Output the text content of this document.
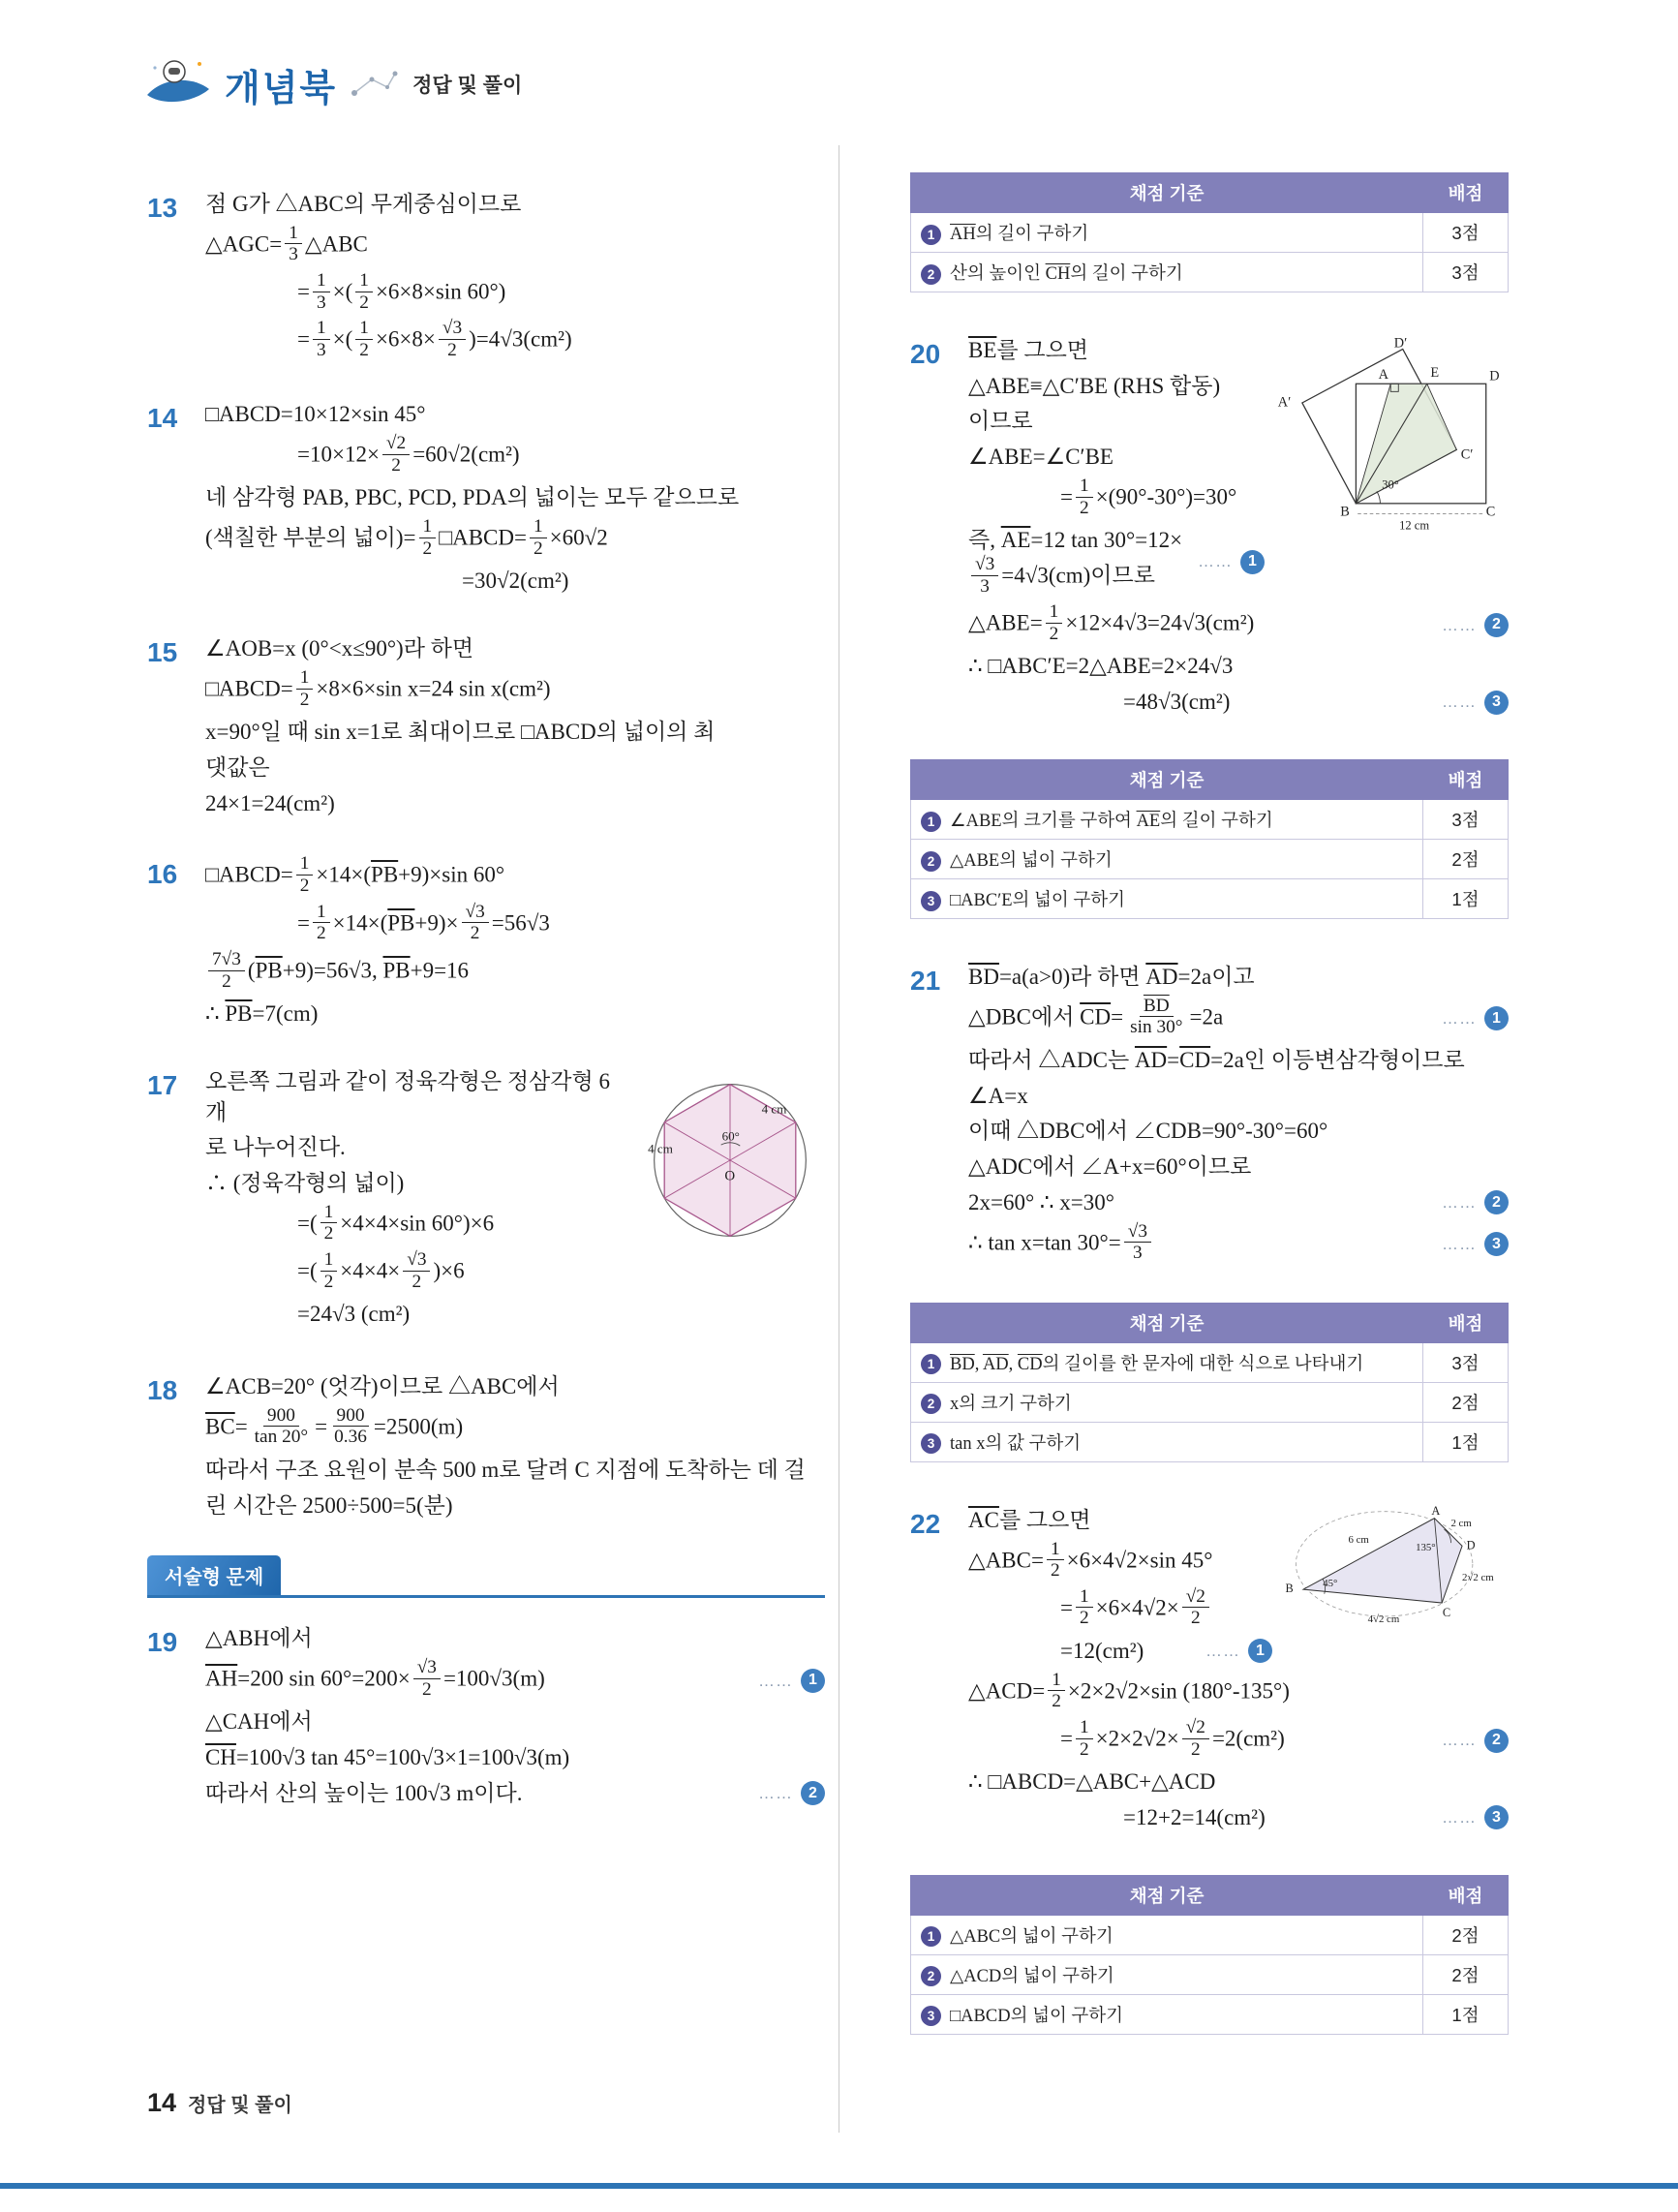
개념북	정답 및 풀이
13 점 G가 △ABC의 무게중심이므로
△AGC= $\frac{1}{3}$ △ABC
= $\frac{1}{3}$ ×( $\frac{1}{2} \times 6\times 8\times\sin$ 60°)
= $\frac{1}{3}$ ×( $\frac{1}{2} \times 6\times 8\times \frac{√3}{2} )=4√3(cm^2)$
14 □ABCD=10×12×sin 45°
$=10\times 12\times \frac{√2}{2} =60√2(cm^2)$
네 삼각형 PAB, PBC, PCD, PDA의 넓이는 모두 같으므로
(색칠한 부분의 넓이)= $\frac{1}{2}$ □ABCD= $\frac{1}{2} \times 60√2$
=30√2(cm²)
15 ∠AOB=x (0°<x≤90°)라 하면
□ABCD= $\frac{1}{2} \times 8\times 6\times\sin$ x=24 sin x(cm²)
x=90°일 때 sin x=1로 최대이므로 □ABCD의 넓이의 최
댓값은
24×1=24(cm²)
16 □ABCD= $\frac{1}{2} \times 14\times(\overline{PB}+9)\times\sin$ 60°
= $\frac{1}{2} \times 14\times(\overline{PB}+9)\times \frac{√3}{2} =56√3$
$\frac{7√3}{2} (\overline{PB}+9)=56√3$, $\overline{PB}+9=16$
∴ $\overline{PB}=7(cm)$
17
60°
4 cm
4 cm
O
오른쪽 그림과 같이 정육각형은 정삼각형 6개
로 나누어진다.
∴ (정육각형의 넓이)
=( $\frac{1}{2} \times 4\times 4\times\sin$ 60°)×6
=( $\frac{1}{2} \times 4\times 4\times \frac{√3}{2} )\times 6$
=24√3 (cm²)
18 ∠ACB=20° (엇각)이므로 △ABC에서
$\overline{BC}= \frac{900}{\tan 20^\circ} = \frac{900}{0.36} =2500(m)$
따라서 구조 요원이 분속 500 m로 달려 C 지점에 도착하는 데 걸
린 시간은 2500÷500=5(분)
서술형 문제
19 △ABH에서
$\overline{AH}=200$ $\sin 60^\circ=200\times \frac{√3}{2} =100√3(m)$	……	1
△CAH에서
$\overline{CH}=100√3$ tan 45°=100√3×1=100√3(m)
따라서 산의 높이는 100√3 m이다.	……	2
채점 기준	배점
1 $\overline{AH}$의 길이 구하기	3점
2 산의 높이인 $\overline{CH}$의 길이 구하기	3점
20	D′
A′
A	E	D
C′
30°
B	C
12 cm
$\overline{BE}$를 그으면
△ABE≡△C′BE (RHS 합동)
이므로
∠ABE=∠C′BE
= $\frac{1}{2} \times(90^\circ-30^\circ)=30^\circ$
즉, $\overline{AE}=12$ tan 30°=12×
$\frac{√3}{3} =4√3(cm)$이므로
……	1
△ABE= $\frac{1}{2} \times 12\times 4√3=24√3(cm^2)$	……	2
∴ □ABC′E=2△ABE=2×24√3
=48√3(cm²)	……	3
채점 기준	배점
1 ∠ABE의 크기를 구하여 $\overline{AE}$의 길이 구하기	3점
2 △ABE의 넓이 구하기	2점
3 □ABC′E의 넓이 구하기	1점
21 $\overline{BD}=a(a>0)$라 하면 $\overline{AD}=2a$이고
△DBC에서 $\overline{CD}= \frac{\overline{BD}}{\sin 30^\circ} =2a$	……	1
따라서 △ADC는 $\overline{AD}=\overline{CD}=2a$인 이등변삼각형이므로
∠A=x
이때 △DBC에서 ∠CDB=90°-30°=60°
△ADC에서 ∠A+x=60°이므로
2x=60° ∴ x=30°	……	2
∴ tan x=tan $30^\circ= \frac{√3}{3}$	……	3
채점 기준	배점
1 $\overline{BD}$, $\overline{AD}$, $\overline{CD}$의 길이를 한 문자에 대한 식으로 나타내기	3점
2 x의 크기 구하기	2점
3 tan x의 값 구하기	1점
22	A
2 cm
D
2√2 cm
C
4√2 cm
B
6 cm
45°
135°
$\overline{AC}$를 그으면
△ABC= $\frac{1}{2} \times 6\times 4√2\times\sin$ 45°
= $\frac{1}{2} \times 6\times 4√2\times \frac{√2}{2}$
=12(cm²)	……	1
△ACD= $\frac{1}{2} \times 2\times 2√2\times\sin$ (180°-135°)
= $\frac{1}{2} \times 2\times 2√2\times \frac{√2}{2} =2(cm^2)$	……	2
∴ □ABCD=△ABC+△ACD
=12+2=14(cm²)	……	3
채점 기준	배점
1 △ABC의 넓이 구하기	2점
2 △ACD의 넓이 구하기	2점
3 □ABCD의 넓이 구하기	1점
14 정답 및 풀이
